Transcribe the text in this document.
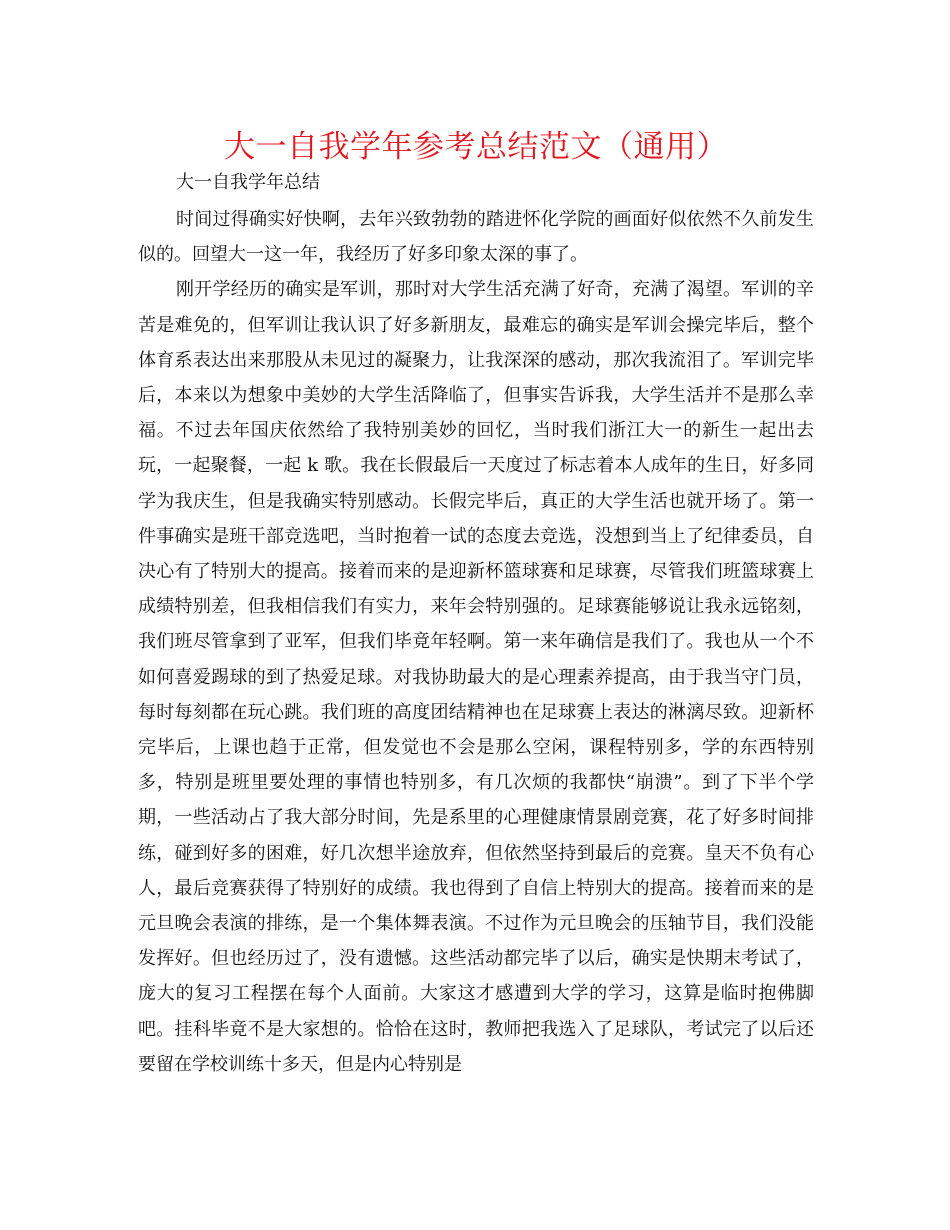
大一自我学年参考总结范文（通用）

大一自我学年总结

时间过得确实好快啊，去年兴致勃勃的踏进怀化学院的画面好似依然不久前发生似的。回望大一这一年，我经历了好多印象太深的事了。

刚开学经历的确实是军训，那时对大学生活充满了好奇，充满了渴望。军训的辛苦是难免的，但军训让我认识了好多新朋友，最难忘的确实是军训会操完毕后，整个体育系表达出来那股从未见过的凝聚力，让我深深的感动，那次我流泪了。军训完毕后，本来以为想象中美妙的大学生活降临了，但事实告诉我，大学生活并不是那么幸福。不过去年国庆依然给了我特别美妙的回忆，当时我们浙江大一的新生一起出去玩，一起聚餐，一起 k 歌。我在长假最后一天度过了标志着本人成年的生日，好多同学为我庆生，但是我确实特别感动。长假完毕后，真正的大学生活也就开场了。第一件事确实是班干部竞选吧，当时抱着一试的态度去竞选，没想到当上了纪律委员，自决心有了特别大的提高。接着而来的是迎新杯篮球赛和足球赛，尽管我们班篮球赛上成绩特别差，但我相信我们有实力，来年会特别强的。足球赛能够说让我永远铭刻，我们班尽管拿到了亚军，但我们毕竟年轻啊。第一来年确信是我们了。我也从一个不如何喜爱踢球的到了热爱足球。对我协助最大的是心理素养提高，由于我当守门员，每时每刻都在玩心跳。我们班的高度团结精神也在足球赛上表达的淋漓尽致。迎新杯完毕后，上课也趋于正常，但发觉也不会是那么空闲，课程特别多，学的东西特别多，特别是班里要处理的事情也特别多，有几次烦的我都快“崩溃”。到了下半个学期，一些活动占了我大部分时间，先是系里的心理健康情景剧竞赛，花了好多时间排练，碰到好多的困难，好几次想半途放弃，但依然坚持到最后的竞赛。皇天不负有心人，最后竞赛获得了特别好的成绩。我也得到了自信上特别大的提高。接着而来的是元旦晚会表演的排练，是一个集体舞表演。不过作为元旦晚会的压轴节目，我们没能发挥好。但也经历过了，没有遗憾。这些活动都完毕了以后，确实是快期末考试了，庞大的复习工程摆在每个人面前。大家这才感遭到大学的学习，这算是临时抱佛脚吧。挂科毕竟不是大家想的。恰恰在这时，教师把我选入了足球队，考试完了以后还要留在学校训练十多天，但是内心特别是
